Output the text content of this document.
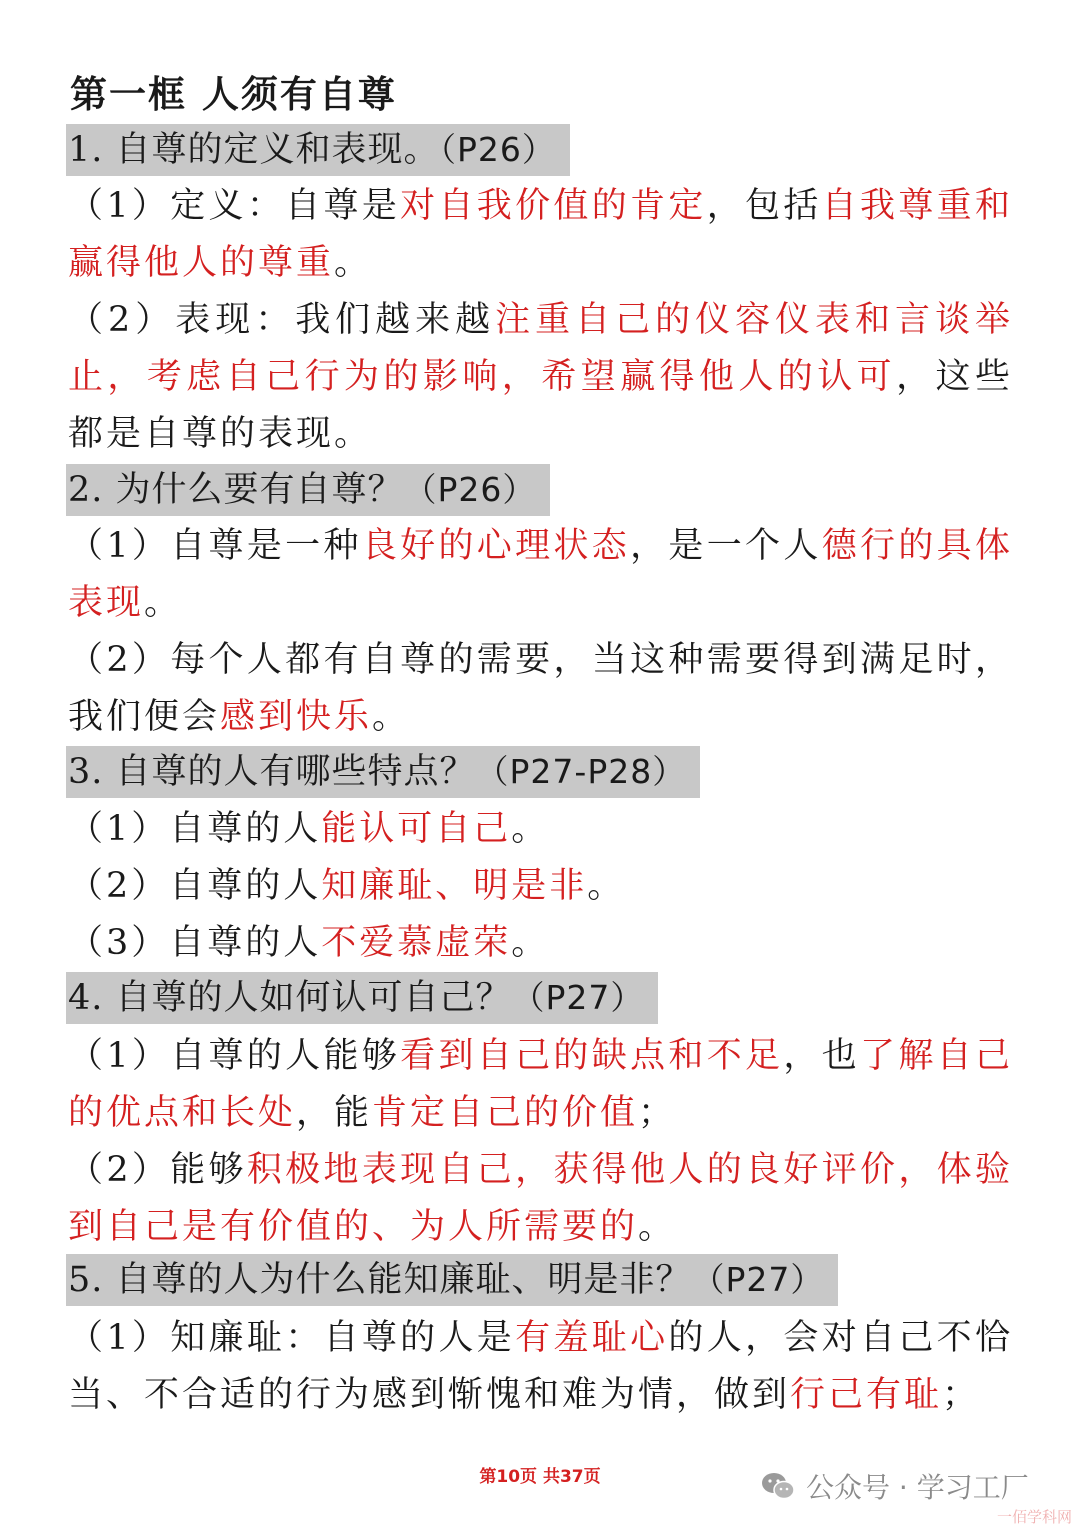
第一框 人须有自尊
1. 自尊的定义和表现。（P26）
（1）定义：自尊是对自我价值的肯定，包括自我尊重和赢得他人的尊重。
（2）表现：我们越来越注重自己的仪容仪表和言谈举止，考虑自己行为的影响，希望赢得他人的认可，这些都是自尊的表现。
2. 为什么要有自尊？（P26）
（1）自尊是一种良好的心理状态，是一个人德行的具体表现。
（2）每个人都有自尊的需要，当这种需要得到满足时，我们便会感到快乐。
3. 自尊的人有哪些特点？（P27-P28）
（1）自尊的人能认可自己。
（2）自尊的人知廉耻、明是非。
（3）自尊的人不爱慕虚荣。
4. 自尊的人如何认可自己？（P27）
（1）自尊的人能够看到自己的缺点和不足，也了解自己的优点和长处，能肯定自己的价值；
（2）能够积极地表现自己，获得他人的良好评价，体验到自己是有价值的、为人所需要的。
5. 自尊的人为什么能知廉耻、明是非？（P27）
（1）知廉耻：自尊的人是有羞耻心的人，会对自己不恰当、不合适的行为感到惭愧和难为情，做到行己有耻；
第10页 共37页	公众号 · 学习工厂
一佰学科网
